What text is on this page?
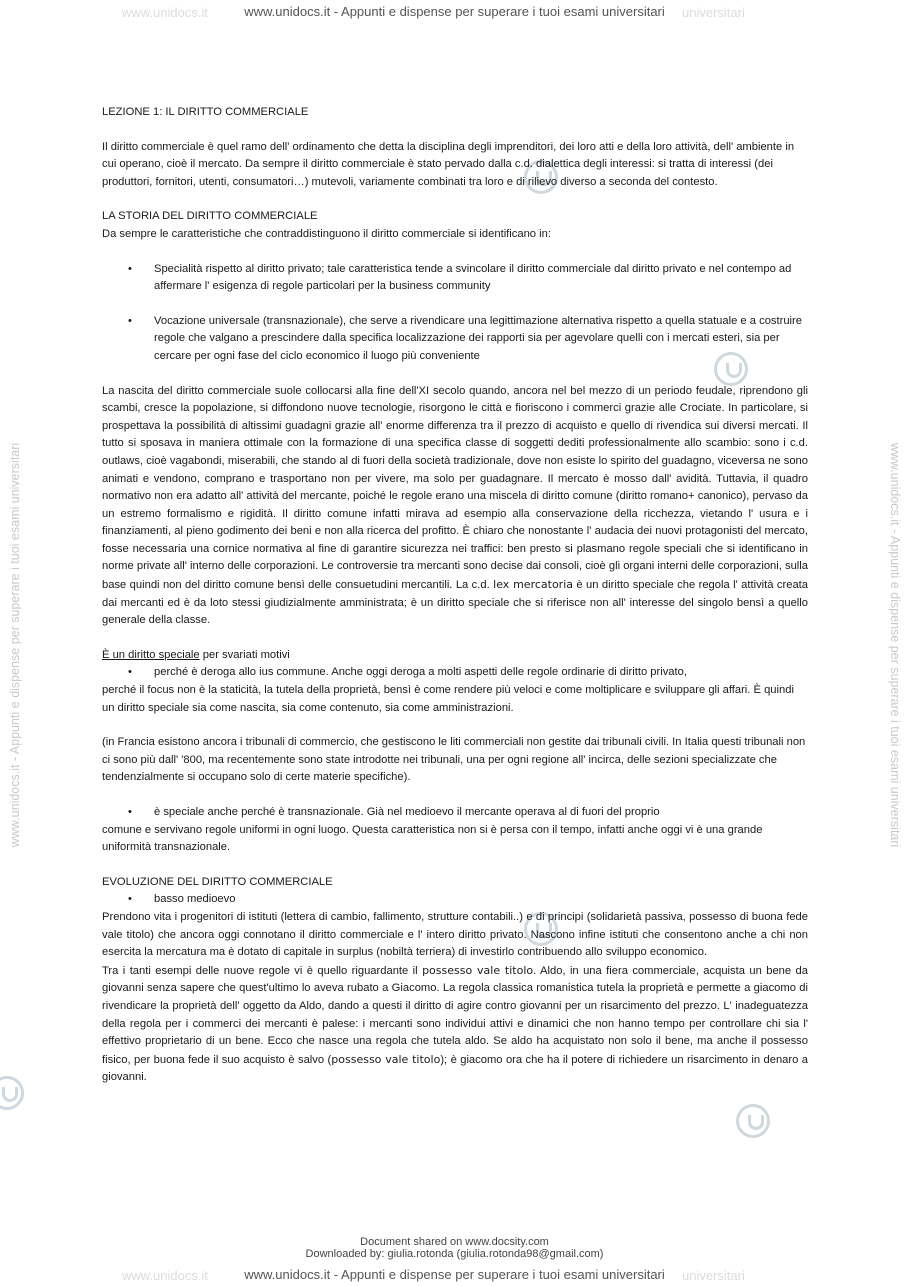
www.unidocs.it	universitari
www.unidocs.it - Appunti e dispense per superare i tuoi esami universitari
www.unidocs.it	universitari
www.unidocs.it - Appunti e dispense per superare i tuoi esami universitari
www.unidocs.it - Appunti e dispense per superare i tuoi esami universitari	www.unidocs.it - Appunti e dispense per superare i tuoi esami universitari

LEZIONE 1: IL DIRITTO COMMERCIALE

Il diritto commerciale è quel ramo dell' ordinamento che detta la disciplina degli imprenditori, dei loro atti e della loro attività, dell' ambiente in cui operano, cioè il mercato. Da sempre il diritto commerciale è stato pervado dalla c.d. dialettica degli interessi: si tratta di interessi (dei produttori, fornitori, utenti, consumatori…) mutevoli, variamente combinati tra loro e di rilievo diverso a seconda del contesto.

LA STORIA DEL DIRITTO COMMERCIALE

Da sempre le caratteristiche che contraddistinguono il diritto commerciale si identificano in:

• Specialità rispetto al diritto privato; tale caratteristica tende a svincolare il diritto commerciale dal diritto privato e nel contempo ad affermare l' esigenza di regole particolari per la business community

• Vocazione universale (transnazionale), che serve a rivendicare una legittimazione alternativa rispetto a quella statuale e a costruire regole che valgano a prescindere dalla specifica localizzazione dei rapporti sia per agevolare quelli con i mercati esteri, sia per cercare per ogni fase del ciclo economico il luogo più conveniente

La nascita del diritto commerciale suole collocarsi alla fine dell'XI secolo quando, ancora nel bel mezzo di un periodo feudale, riprendono gli scambi, cresce la popolazione, si diffondono nuove tecnologie, risorgono le città e fioriscono i commerci grazie alle Crociate. In particolare, si prospettava la possibilità di altissimi guadagni grazie all' enorme differenza tra il prezzo di acquisto e quello di rivendica sui diversi mercati. Il tutto si sposava in maniera ottimale con la formazione di una specifica classe di soggetti dediti professionalmente allo scambio: sono i c.d. outlaws, cioè vagabondi, miserabili, che stando al di fuori della società tradizionale, dove non esiste lo spirito del guadagno, viceversa ne sono animati e vendono, comprano e trasportano non per vivere, ma solo per guadagnare. Il mercato è mosso dall' avidità. Tuttavia, il quadro normativo non era adatto all' attività del mercante, poiché le regole erano una miscela di diritto comune (diritto romano+ canonico), pervaso da un estremo formalismo e rigidità. Il diritto comune infatti mirava ad esempio alla conservazione della ricchezza, vietando l' usura e i finanziamenti, al pieno godimento dei beni e non alla ricerca del profitto. È chiaro che nonostante l' audacia dei nuovi protagonisti del mercato, fosse necessaria una cornice normativa al fine di garantire sicurezza nei traffici: ben presto si plasmano regole speciali che si identificano in norme private all' interno delle corporazioni. Le controversie tra mercanti sono decise dai consoli, cioè gli organi interni delle corporazioni, sulla base quindi non del diritto comune bensì delle consuetudini mercantili. La c.d. lex mercatoria è un diritto speciale che regola l' attività creata dai mercanti ed è da loto stessi giudizialmente amministrata; è un diritto speciale che si riferisce non all' interesse del singolo bensì a quello generale della classe.

È un diritto speciale per svariati motivi

• perché è deroga allo ius commune. Anche oggi deroga a molti aspetti delle regole ordinarie di diritto privato,

perché il focus non è la staticità, la tutela della proprietà, bensì è come rendere più veloci e come moltiplicare e sviluppare gli affari. È quindi un diritto speciale sia come nascita, sia come contenuto, sia come amministrazioni.

(in Francia esistono ancora i tribunali di commercio, che gestiscono le liti commerciali non gestite dai tribunali civili. In Italia questi tribunali non ci sono più dall' '800, ma recentemente sono state introdotte nei tribunali, una per ogni regione all' incirca, delle sezioni specializzate che tendenzialmente si occupano solo di certe materie specifiche).

• è speciale anche perché è transnazionale. Già nel medioevo il mercante operava al di fuori del proprio

comune e servivano regole uniformi in ogni luogo. Questa caratteristica non si è persa con il tempo, infatti anche oggi vi è una grande uniformità transnazionale.

EVOLUZIONE DEL DIRITTO COMMERCIALE

• basso medioevo

Prendono vita i progenitori di istituti (lettera di cambio, fallimento, strutture contabili..) e di principi (solidarietà passiva, possesso di buona fede vale titolo) che ancora oggi connotano il diritto commerciale e l' intero diritto privato. Nascono infine istituti che consentono anche a chi non esercita la mercatura ma è dotato di capitale in surplus (nobiltà terriera) di investirlo contribuendo allo sviluppo economico.

Tra i tanti esempi delle nuove regole vi è quello riguardante il possesso vale titolo. Aldo, in una fiera commerciale, acquista un bene da giovanni senza sapere che quest'ultimo lo aveva rubato a Giacomo. La regola classica romanistica tutela la proprietà e permette a giacomo di rivendicare la proprietà dell' oggetto da Aldo, dando a questi il diritto di agire contro giovanni per un risarcimento del prezzo. L' inadeguatezza della regola per i commerci dei mercanti è palese: i mercanti sono individui attivi e dinamici che non hanno tempo per controllare chi sia l' effettivo proprietario di un bene. Ecco che nasce una regola che tutela aldo. Se aldo ha acquistato non solo il bene, ma anche il possesso fisico, per buona fede il suo acquisto è salvo (possesso vale titolo); è giacomo ora che ha il potere di richiedere un risarcimento in denaro a giovanni.

Document shared on www.docsity.com
Downloaded by: giulia.rotonda (giulia.rotonda98@gmail.com)
